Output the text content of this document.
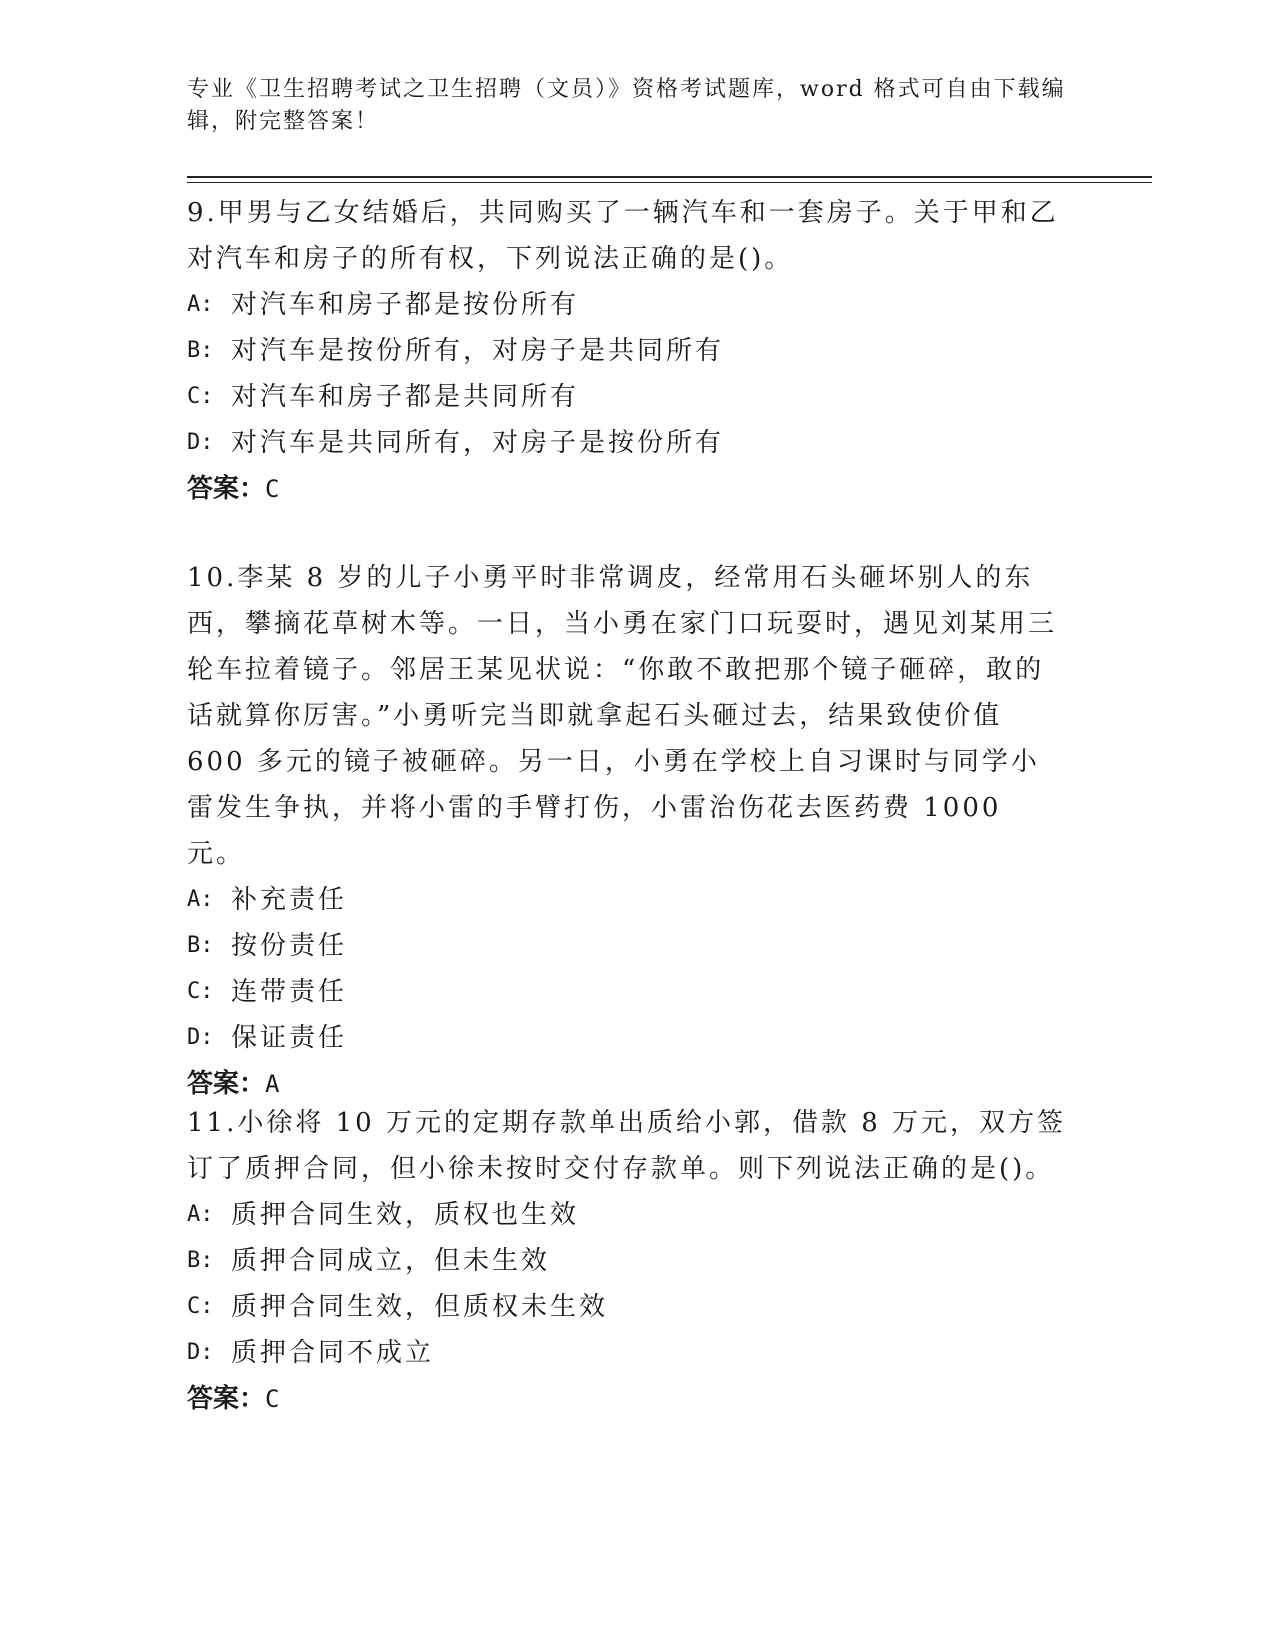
专业《卫生招聘考试之卫生招聘（文员）》资格考试题库，word 格式可自由下载编辑，附完整答案！

9.甲男与乙女结婚后，共同购买了一辆汽车和一套房子。关于甲和乙对汽车和房子的所有权，下列说法正确的是()。

A: 对汽车和房子都是按份所有

B: 对汽车是按份所有，对房子是共同所有

C: 对汽车和房子都是共同所有

D: 对汽车是共同所有，对房子是按份所有

答案：C

10.李某 8 岁的儿子小勇平时非常调皮，经常用石头砸坏别人的东西，攀摘花草树木等。一日，当小勇在家门口玩耍时，遇见刘某用三轮车拉着镜子。邻居王某见状说：“你敢不敢把那个镜子砸碎，敢的话就算你厉害。”小勇听完当即就拿起石头砸过去，结果致使价值 600 多元的镜子被砸碎。另一日，小勇在学校上自习课时与同学小雷发生争执，并将小雷的手臂打伤，小雷治伤花去医药费 1000 元。

A: 补充责任

B: 按份责任

C: 连带责任

D: 保证责任

答案：A

11.小徐将 10 万元的定期存款单出质给小郭，借款 8 万元，双方签订了质押合同，但小徐未按时交付存款单。则下列说法正确的是()。

A: 质押合同生效，质权也生效

B: 质押合同成立，但未生效

C: 质押合同生效，但质权未生效

D: 质押合同不成立

答案：C
